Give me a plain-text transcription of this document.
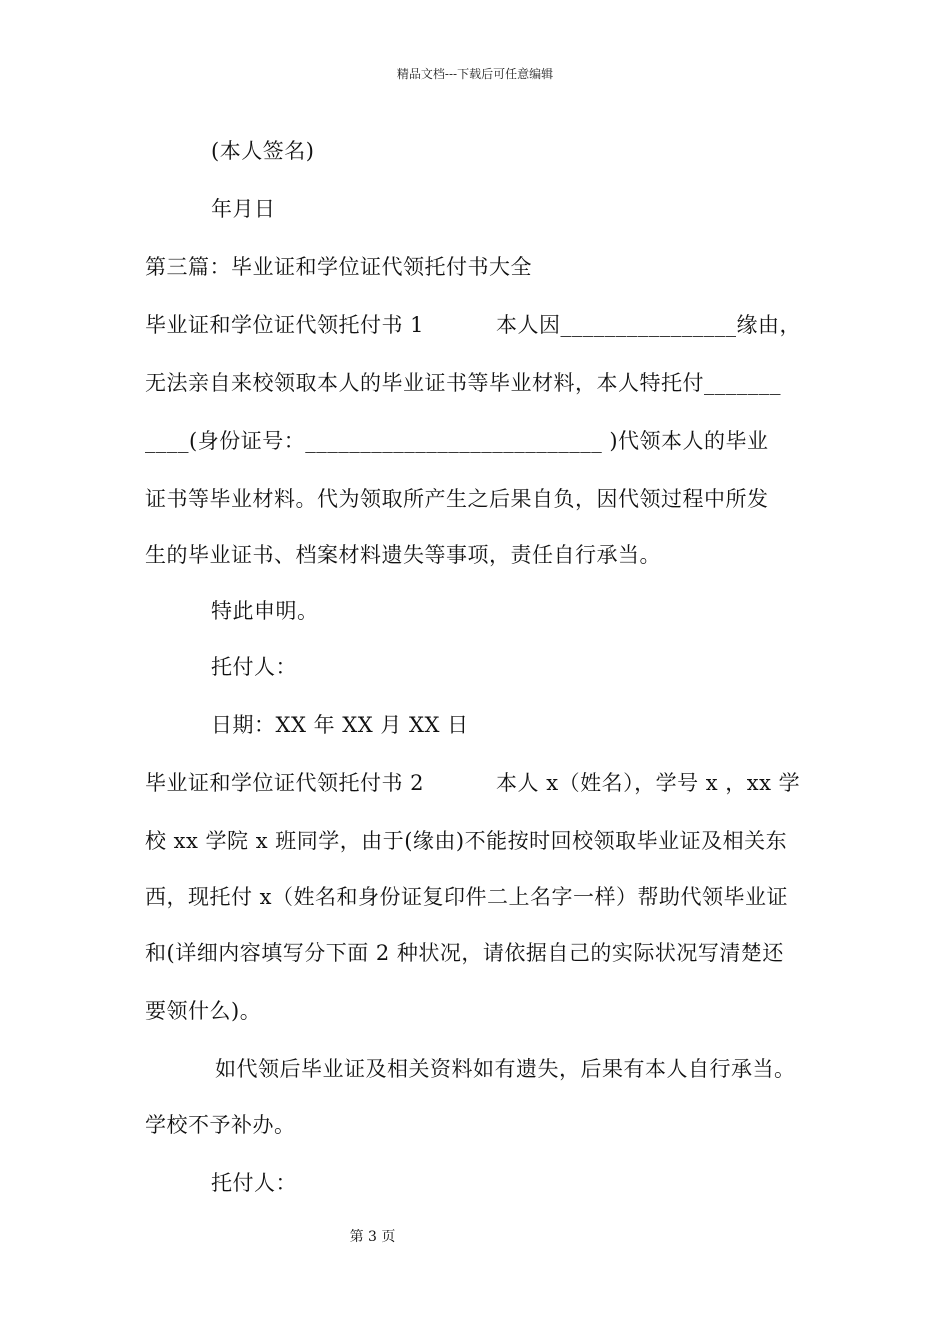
精品文档---下载后可任意编辑
(本人签名)
年月日
第三篇：毕业证和学位证代领托付书大全
毕业证和学位证代领托付书 1	本人因________________缘由，
无法亲自来校领取本人的毕业证书等毕业材料，本人特托付_______
____(身份证号：___________________________ )代领本人的毕业
证书等毕业材料。代为领取所产生之后果自负，因代领过程中所发
生的毕业证书、档案材料遗失等事项，责任自行承当。
特此申明。
托付人：
日期：XX 年 XX 月 XX 日
毕业证和学位证代领托付书 2	本人 x（姓名），学号 x ，xx 学
校 xx 学院 x 班同学，由于(缘由)不能按时回校领取毕业证及相关东
西，现托付 x（姓名和身份证复印件二上名字一样）帮助代领毕业证
和(详细内容填写分下面 2 种状况，请依据自己的实际状况写清楚还
要领什么)。
如代领后毕业证及相关资料如有遗失，后果有本人自行承当。
学校不予补办。
托付人：
第 3 页
